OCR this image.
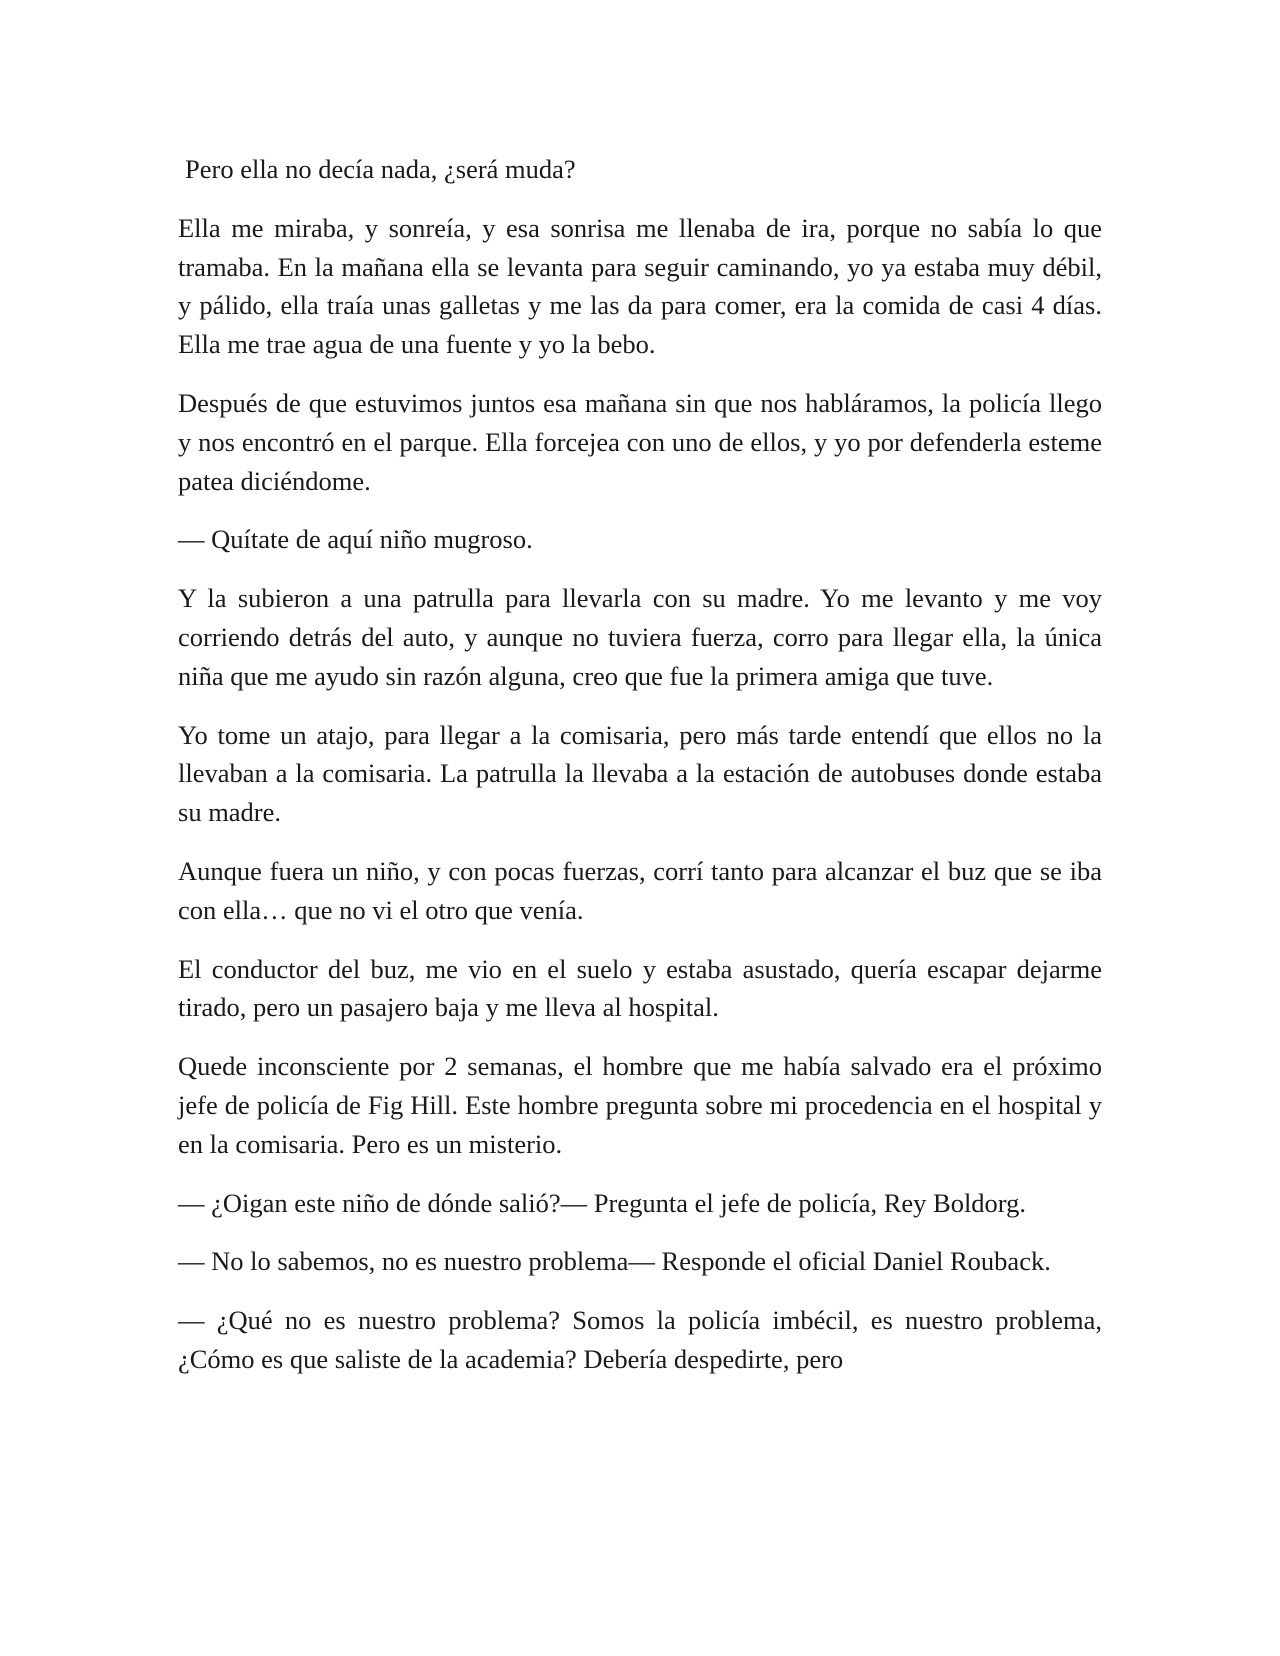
Pero ella no decía nada, ¿será muda?

Ella me miraba, y sonreía, y esa sonrisa me llenaba de ira, porque no sabía lo que tramaba. En la mañana ella se levanta para seguir caminando, yo ya estaba muy débil, y pálido, ella traía unas galletas y me las da para comer, era la comida de casi 4 días. Ella me trae agua de una fuente y yo la bebo.

Después de que estuvimos juntos esa mañana sin que nos habláramos, la policía llego y nos encontró en el parque. Ella forcejea con uno de ellos, y yo por defenderla esteme patea diciéndome.

— Quítate de aquí niño mugroso.

Y la subieron a una patrulla para llevarla con su madre. Yo me levanto y me voy corriendo detrás del auto, y aunque no tuviera fuerza, corro para llegar ella, la única niña que me ayudo sin razón alguna, creo que fue la primera amiga que tuve.

Yo tome un atajo, para llegar a la comisaria, pero más tarde entendí que ellos no la llevaban a la comisaria. La patrulla la llevaba a la estación de autobuses donde estaba su madre.

Aunque fuera un niño, y con pocas fuerzas, corrí tanto para alcanzar el buz que se iba con ella… que no vi el otro que venía.

El conductor del buz, me vio en el suelo y estaba asustado, quería escapar dejarme tirado, pero un pasajero baja y me lleva al hospital.

Quede inconsciente por 2 semanas, el hombre que me había salvado era el próximo jefe de policía de Fig Hill. Este hombre pregunta sobre mi procedencia en el hospital y en la comisaria. Pero es un misterio.

— ¿Oigan este niño de dónde salió?— Pregunta el jefe de policía, Rey Boldorg.

— No lo sabemos, no es nuestro problema— Responde el oficial Daniel Rouback.

— ¿Qué no es nuestro problema? Somos la policía imbécil, es nuestro problema, ¿Cómo es que saliste de la academia? Debería despedirte, pero
